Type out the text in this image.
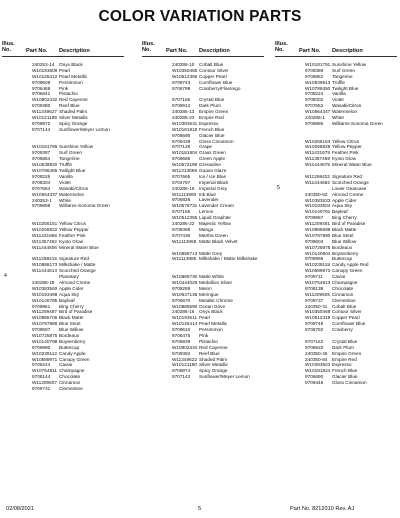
COLOR VARIATION PARTS
Illus.
No.	Part No. Description
240253-14 Onyx Black
W10193509 Pearl
W10126412 Pearl Metallic
9709608 Persimmon
9706469 Pink
9706841 Pistachio
W10802432 Red Cayenne
9709380 Reef Blue
W11349627 Shaded Palm
W10121188 Silver Metallic
9708872 Spicy Orange
9707144 Sunflower/Meyer Lemon
W10181789 Sunshine Yellow
9709387 Surf Green
9706854 Tangerine
W10539820 Truffle
W10788455 Twilight Blue
9708226 Vanilla
9708304 Violet
9707654 Wasabi/Citron
W10564337 Watermelon
240253-1 White
9709898 Williams-Sonoma Green
W10255151 Yellow Citrus
W10268822 Yellow Pepper
W11431666 Feather Pink
W11357462 Kyoto Glow
W11444606 Mineral Water Blue
W11298415 Signature Red
W10886173 Milkshake / Matte
W11444613 Scorched Orange
4	Planetary
240286-18 Almond Creme
W10383560 Apple Cider
W10193498 Aqua Sky
W10140785 Bayleaf
9709861 Bing Cherry
W11209487 Bird of Paradise
W10885706 Black Matte
W10787888 Blue Steel
9709597 Blue Willow
W10725875 Bordeaux
W10140798 Boysenberry
9709990 Buttercup
W10239112 Candy Apple
W10589971 Canopy Green
9705244 Caviar
W10754811 Champagne
9708144 Chocolate
W11209507 Cinnamon
9709731 Clementine
Illus.
No.	Part No. Description
240286-10 Cobalt Blue
W10350465 Contour Silver
W10512356 Copper Pearl
9709743 Cornflower Blue
9706799 Cranberry/Flamingo
9707166 Crystal Blue
9708914 Dark Plum
240286-13 Empire Green
240286-23 Empire Red
W10383631 Espresso
W10181818 French Blue
9706695 Glacier Blue
9709439 Gloss Cinnamon
9707129 Grape
W10181804 Grass Green
9709685 Green Apple
W10572189 Grenadine
W11313669 Guava Glaze
9707665 Ice / Ice Blue
9704797 Imperial Black
240286-19 Imperial Grey
W11113890 Ink Blue
9706826 Lavender
W10678731 Lavender Cream
9707155 Lemon
W10512355 Liquid Graphite
240286-22 Majestic Yellow
9709395 Mango
9707436 Martha Green
W11113868 Matte Black Velvet
W10885713 Matte Grey
W11113886 Milkshake / Matte Milkshake
W10885730 Matte White
W10444029 Medallion Silver
9708289 Melon
W10637136 Meringue
9706670 Metallic Chrome
W10885690 Ocean Drive
240286-16 Onyx Black
W10193511 Pearl
W10126414 Pearl Metallic
9709610 Persimmon
9706475 Pink
9706839 Pistachio
W10802434 Red Cayenne
9709382 Reef Blue
W11349622 Shaded Palm
W10121190 Silver Metallic
9708874 Spicy Orange
9707142 Sunflower/Meyer Lemon
Illus.
No.	Part No. Description
W10181791 Sunshine Yellow
9709389 Surf Green
9706852 Tangerine
W10539813 Truffle
W10788450 Twilight Blue
9708224 Vanilla
9708302 Violet
9707652 Wasabi/Citron
W10564347 Watermelon
240286-1 White
9709886 Williams-Sonoma Green
W10255153 Yellow Citrus
W10268829 Yellow Pepper
W11431675 Feather Pink
W11357469 Kyoto Glow
W11444675 Mineral Water Blue
W11298422 Signature Red
W11444682 Scorched Orange
5	Lower Gearcase
240350-62 Almond Creme
W10383533 Apple Cider
W10193504 Aqua Sky
W10140791 Bayleaf
9709867 Bing Cherry
W11209481 Bird of Paradise
W10885698 Black Matte
W10787890 Blue Steel
9709603 Blue Willow
W10725878 Bordeaux
W10140804 Boysenberry
9709996 Buttercup
W10239118 Candy Apple Red
W10589973 Canopy Green
9709711 Caviar
W10754813 Champagne
9708138 Chocolate
W11209505 Cinnamon
9709737 Clementine
240350-31 Cobalt Blue
W10350469 Contour Silver
W10512319 Copper Pearl
9709749 Cornflower Blue
9706792 Cranberry
9707162 Crystal Blue
9708920 Dark Plum
240350-46 Empire Green
240350-84 Empire Red
W10383623 Espresso
W10181824 French Blue
9706690 Glacier Blue
9709445 Gloss Cinnamon
02/08/2021	5	Part No. 8212010 Rev. AJ
